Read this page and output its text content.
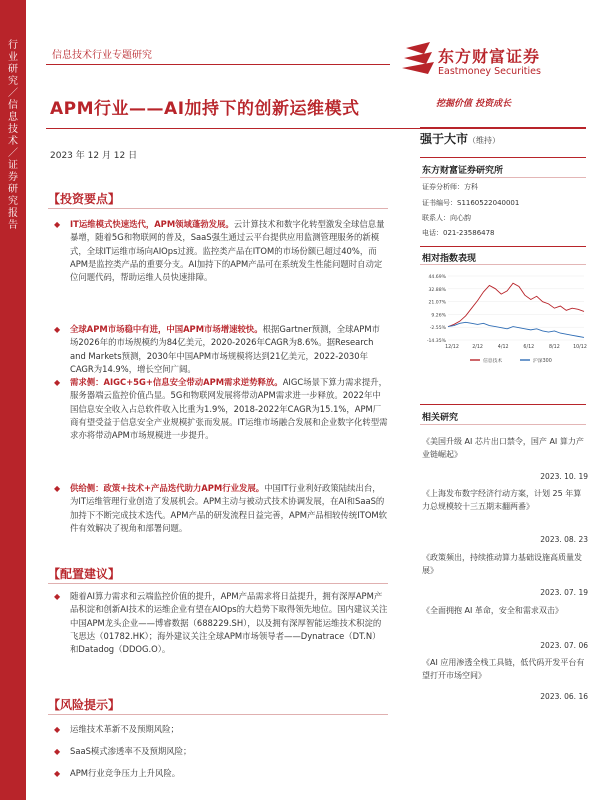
行
业
研
究
／
信
息
技
术
／
证
券
研
究
报
告
信息技术行业专题研究
APM行业——AI加持下的创新运维模式
2023 年 12 月 12 日
东方财富证券
Eastmoney Securities
挖掘价值 投资成长
强于大市（维持）
东方财富证券研究所
证券分析师：方科
证书编号：S1160522040001
联系人：向心韵
电话：021-23586478
相对指数表现
44.69%
32.88%
21.07%
9.26%
-2.55%
-14.35%
12/12	2/12	4/12	6/12	8/12	10/12
信息技术	沪深300
相关研究
《美国升级 AI 芯片出口禁令，国产 AI 算力产业链崛起》
2023. 10. 19
《上海发布数字经济行动方案，计划 25 年算力总规模较十三五期末翻两番》
2023. 08. 23
《政策频出，持续推动算力基础设施高质量发展》
2023. 07. 19
《全面拥抱 AI 革命，安全和需求双击》
2023. 07. 06
《AI 应用渗透全栈工具链，低代码开发平台有望打开市场空间》
2023. 06. 16
【投资要点】
◆	IT运维模式快速迭代，APM领域蓬勃发展。云计算技术和数字化转型激发全球信息量暴增，随着5G和物联网的普及，SaaS强生通过云平台提供应用监测管理服务的新模式，全球IT运维市场向AIOps过渡。监控类产品在ITOM的市场份额已超过40%，而APM是监控类产品的重要分支。AI加持下的APM产品可在系统发生性能问题时自动定位问题代码，帮助运维人员快速排障。
◆	全球APM市场稳中有进，中国APM市场增速较快。根据Gartner预测，全球APM市场2026年的市场规模约为84亿美元，2020-2026年CAGR为8.6%。据Research and Markets预测，2030年中国APM市场规模将达到21亿美元，2022-2030年CAGR为14.9%，增长空间广阔。
◆	需求侧：AIGC+5G+信息安全带动APM需求逆势释放。AIGC场景下算力需求提升，服务器端云监控价值凸显。5G和物联网发展将带动APM需求进一步释放。2022年中国信息安全收入占总软件收入比重为1.9%，2018-2022年CAGR为15.1%，APM厂商有望受益于信息安全产业规模扩张而发展。IT运维市场融合发展和企业数字化转型需求亦将带动APM市场规模进一步提升。
◆	供给侧：政策+技术+产品迭代助力APM行业发展。中国IT行业利好政策陆续出台，为IT运维管理行业创造了发展机会。APM主动与被动式技术协调发展，在AI和SaaS的加持下不断完成技术迭代。APM产品的研发流程日益完善，APM产品相较传统ITOM软件有效解决了视角和部署问题。
【配置建议】
◆	随着AI算力需求和云端监控价值的提升，APM产品需求将日益提升，拥有深厚APM产品积淀和创新AI技术的运维企业有望在AIOps的大趋势下取得领先地位。国内建议关注中国APM龙头企业——博睿数据（688229.SH），以及拥有深厚智能运维技术积淀的飞思达（01782.HK）；海外建议关注全球APM市场领导者——Dynatrace（DT.N）和Datadog（DDOG.O）。
【风险提示】
◆	运维技术革新不及预期风险；
◆	SaaS模式渗透率不及预期风险；
◆	APM行业竞争压力上升风险。
